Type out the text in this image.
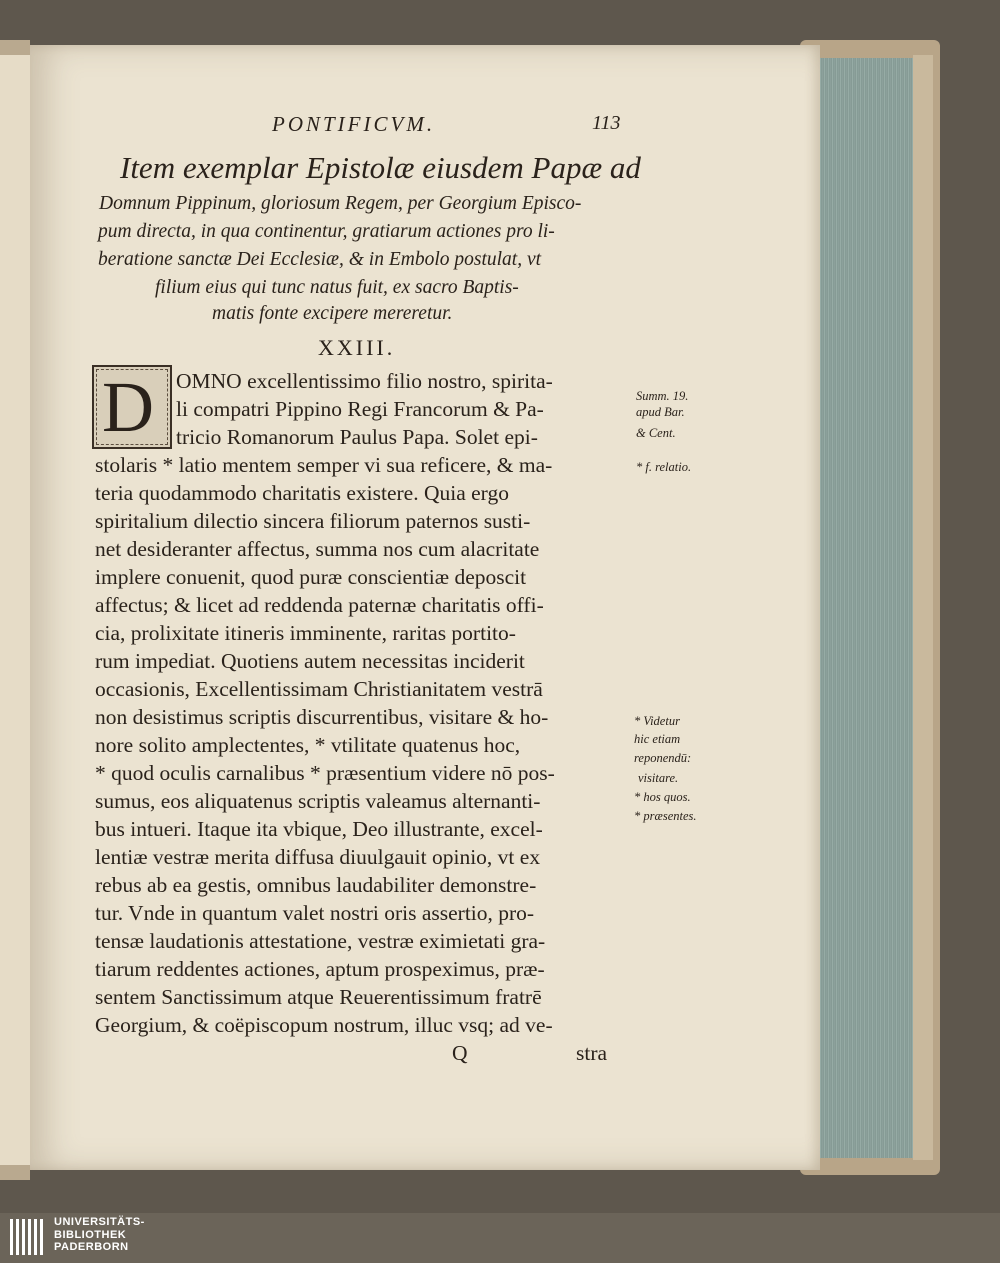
PONTIFICVM.	113
Item exemplar Epistolæ eiusdem Papæ ad
Domnum Pippinum, gloriosum Regem, per Georgium Episco-
pum directa, in qua continentur, gratiarum actiones pro li-
beratione sanctæ Dei Ecclesiæ, & in Embolo postulat, vt
filium eius qui tunc natus fuit, ex sacro Baptis-
matis fonte excipere mereretur.
XXIII.
D OMNO excellentissimo filio nostro, spirita-
li compatri Pippino Regi Francorum & Pa-
tricio Romanorum Paulus Papa. Solet epi-
stolaris * latio mentem semper vi sua reficere, & ma-
teria quodammodo charitatis existere. Quia ergo
spiritalium dilectio sincera filiorum paternos susti-
net desideranter affectus, summa nos cum alacritate
implere conuenit, quod puræ conscientiæ deposcit
affectus; & licet ad reddenda paternæ charitatis offi-
cia, prolixitate itineris imminente, raritas portito-
rum impediat. Quotiens autem necessitas inciderit
occasionis, Excellentissimam Christianitatem vestrā
non desistimus scriptis discurrentibus, visitare & ho-
nore solito amplectentes, * vtilitate quatenus hoc,
* quod oculis carnalibus * præsentium videre nō pos-
sumus, eos aliquatenus scriptis valeamus alternanti-
bus intueri. Itaque ita vbique, Deo illustrante, excel-
lentiæ vestræ merita diffusa diuulgauit opinio, vt ex
rebus ab ea gestis, omnibus laudabiliter demonstre-
tur. Vnde in quantum valet nostri oris assertio, pro-
tensæ laudationis attestatione, vestræ eximietati gra-
tiarum reddentes actiones, aptum prospeximus, præ-
sentem Sanctissimum atque Reuerentissimum fratrē
Georgium, & coëpiscopum nostrum, illuc vsq; ad ve-
Q	stra
Summ. 19.
apud Bar.
& Cent.
* f. relatio.
* Videtur
hic etiam
reponendū:
visitare.
* hos quos.
* præsentes.
UNIVERSITÄTS-
BIBLIOTHEK
PADERBORN
